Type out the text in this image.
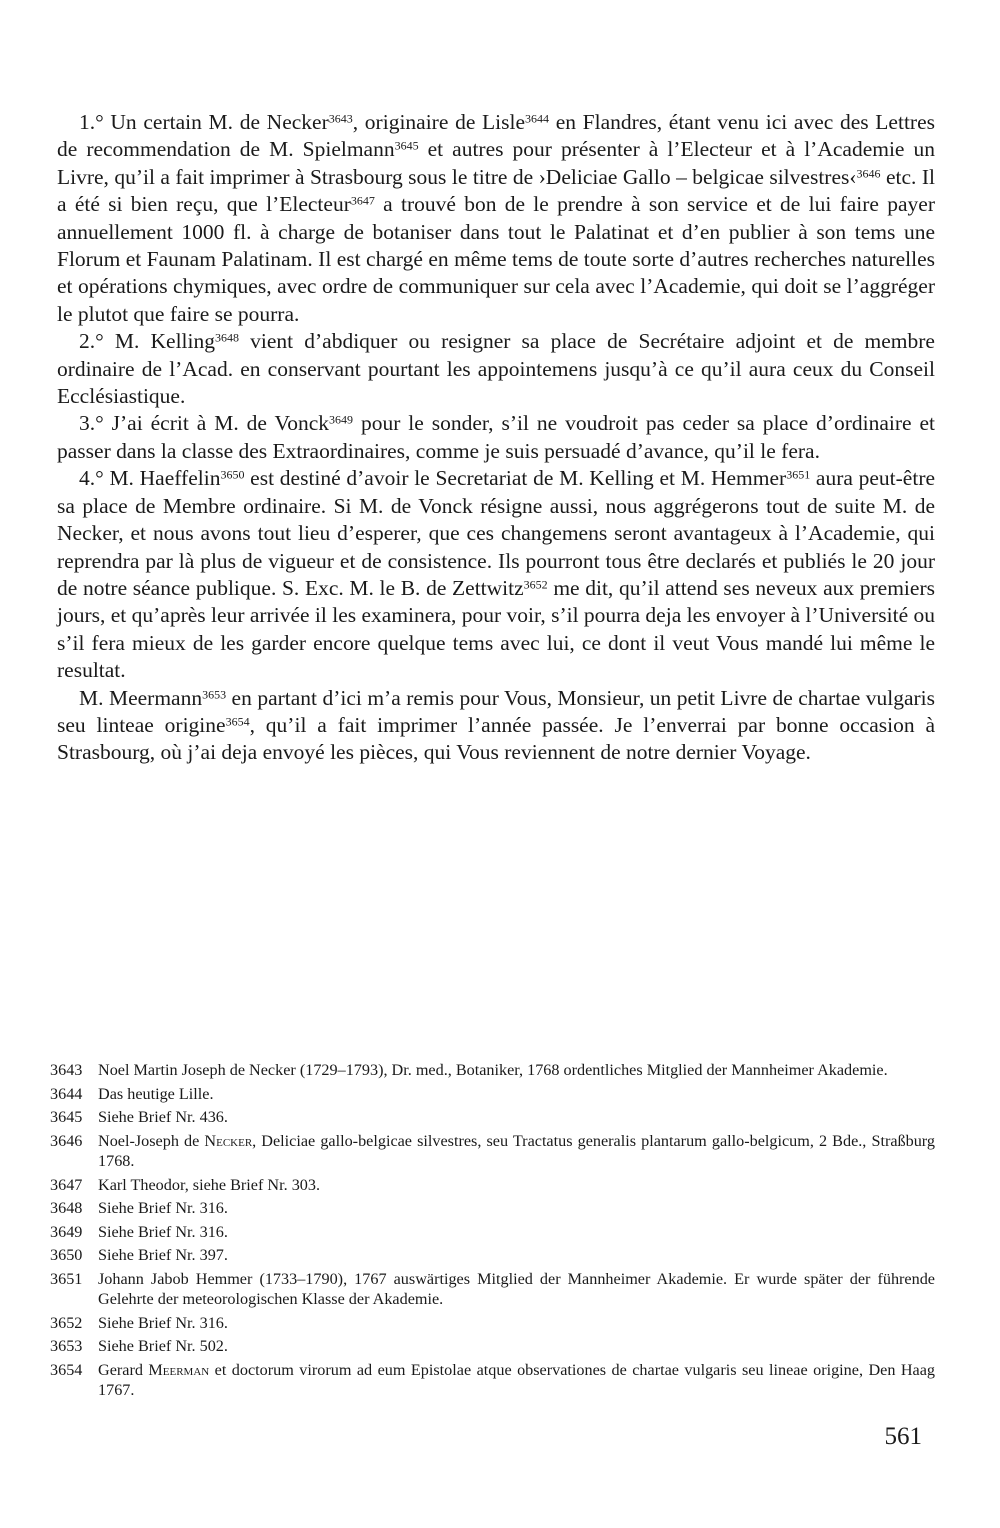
1.° Un certain M. de Necker$^{3643}$, originaire de Lisle$^{3644}$ en Flandres, étant venu ici avec des Lettres de recommendation de M. Spielmann$^{3645}$ et autres pour présenter à l’Electeur et à l’Academie un Livre, qu’il a fait imprimer à Strasbourg sous le titre de ›Deliciae Gallo – belgicae silvestres‹$^{3646}$ etc. Il a été si bien reçu, que l’Electeur$^{3647}$ a trouvé bon de le prendre à son service et de lui faire payer annuellement 1000 fl. à charge de botaniser dans tout le Palatinat et d’en publier à son tems une Florum et Faunam Palatinam. Il est chargé en même tems de toute sorte d’autres recherches naturelles et opérations chymiques, avec ordre de communiquer sur cela avec l’Academie, qui doit se l’aggréger le plutot que faire se pourra.

2.° M. Kelling$^{3648}$ vient d’abdiquer ou resigner sa place de Secrétaire adjoint et de membre ordinaire de l’Acad. en conservant pourtant les appointemens jusqu’à ce qu’il aura ceux du Conseil Ecclésiastique.

3.° J’ai écrit à M. de Vonck$^{3649}$ pour le sonder, s’il ne voudroit pas ceder sa place d’ordinaire et passer dans la classe des Extraordinaires, comme je suis persuadé d’avance, qu’il le fera.

4.° M. Haeffelin$^{3650}$ est destiné d’avoir le Secretariat de M. Kelling et M. Hemmer$^{3651}$ aura peut-être sa place de Membre ordinaire. Si M. de Vonck résigne aussi, nous aggrégerons tout de suite M. de Necker, et nous avons tout lieu d’esperer, que ces changemens seront avantageux à l’Academie, qui reprendra par là plus de vigueur et de consistence. Ils pourront tous être declarés et publiés le 20 jour de notre séance publique. S. Exc. M. le B. de Zettwitz$^{3652}$ me dit, qu’il attend ses neveux aux premiers jours, et qu’après leur arrivée il les examinera, pour voir, s’il pourra deja les envoyer à l’Université ou s’il fera mieux de les garder encore quelque tems avec lui, ce dont il veut Vous mandé lui même le resultat.

M. Meermann$^{3653}$ en partant d’ici m’a remis pour Vous, Monsieur, un petit Livre de chartae vulgaris seu linteae origine$^{3654}$, qu’il a fait imprimer l’année passée. Je l’enverrai par bonne occasion à Strasbourg, où j’ai deja envoyé les pièces, qui Vous reviennent de notre dernier Voyage.

3643 Noel Martin Joseph de Necker (1729–1793), Dr. med., Botaniker, 1768 ordentliches Mitglied der Mannheimer Akademie.
3644 Das heutige Lille.
3645 Siehe Brief Nr. 436.
3646 Noel-Joseph de Necker, Deliciae gallo-belgicae silvestres, seu Tractatus generalis plantarum gallo-belgicum, 2 Bde., Straßburg 1768.
3647 Karl Theodor, siehe Brief Nr. 303.
3648 Siehe Brief Nr. 316.
3649 Siehe Brief Nr. 316.
3650 Siehe Brief Nr. 397.
3651 Johann Jabob Hemmer (1733–1790), 1767 auswärtiges Mitglied der Mannheimer Akademie. Er wurde später der führende Gelehrte der meteorologischen Klasse der Akademie.
3652 Siehe Brief Nr. 316.
3653 Siehe Brief Nr. 502.
3654 Gerard Meerman et doctorum virorum ad eum Epistolae atque observationes de chartae vulgaris seu lineae origine, Den Haag 1767.
561
